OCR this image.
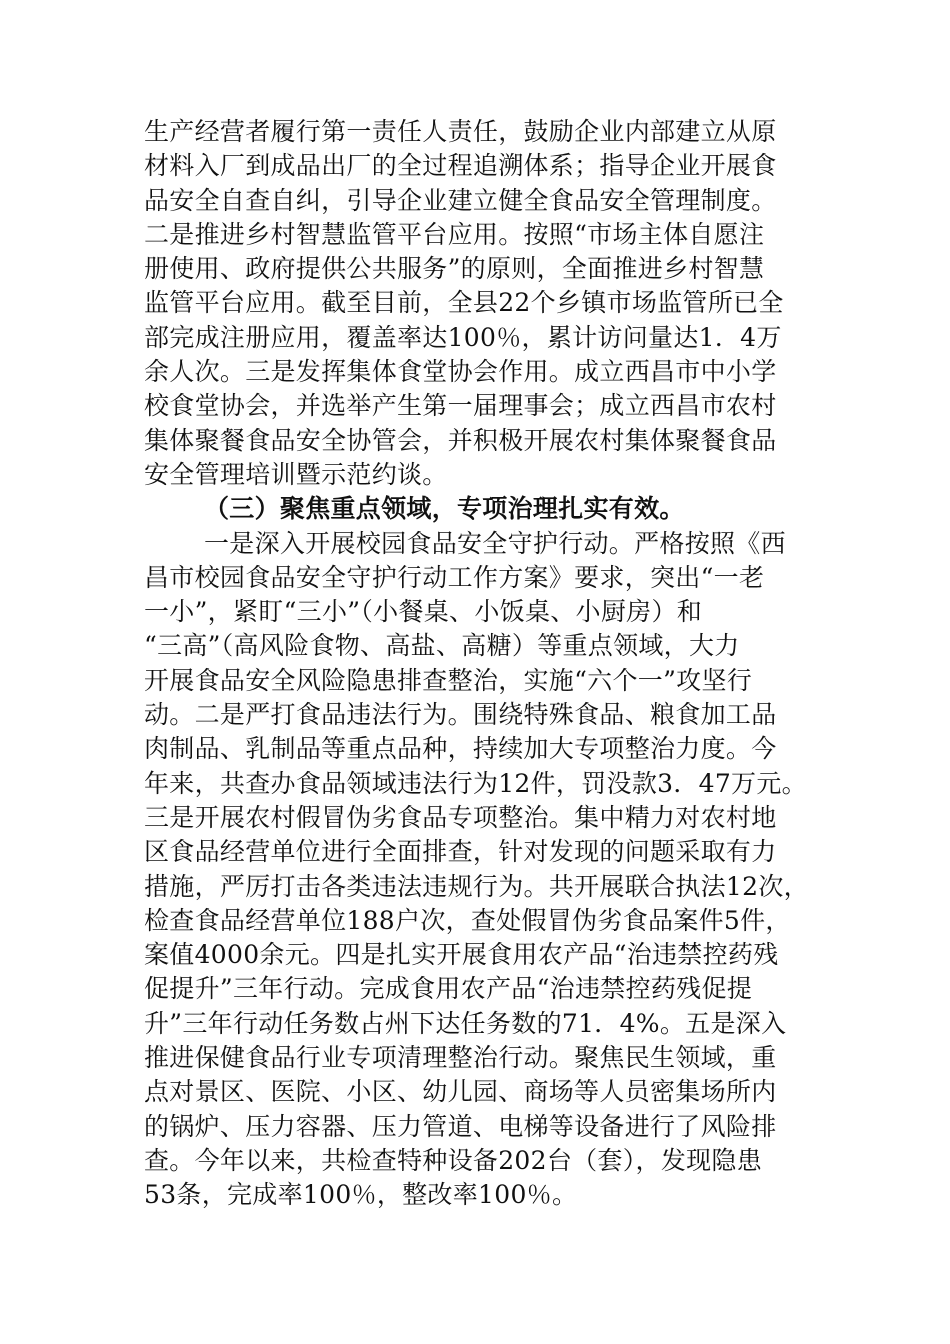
生产经营者履行第一责任人责任，鼓励企业内部建立从原
材料入厂到成品出厂的全过程追溯体系；指导企业开展食
品安全自查自纠，引导企业建立健全食品安全管理制度。
二是推进乡村智慧监管平台应用。按照“市场主体自愿注
册使用、政府提供公共服务”的原则，全面推进乡村智慧
监管平台应用。截至目前，全县22个乡镇市场监管所已全
部完成注册应用，覆盖率达100％，累计访问量达1．4万
余人次。三是发挥集体食堂协会作用。成立西昌市中小学
校食堂协会，并选举产生第一届理事会；成立西昌市农村
集体聚餐食品安全协管会，并积极开展农村集体聚餐食品
安全管理培训暨示范约谈。
（三）聚焦重点领域，专项治理扎实有效。
一是深入开展校园食品安全守护行动。严格按照《西
昌市校园食品安全守护行动工作方案》要求，突出“一老
一小”，紧盯“三小”（小餐桌、小饭桌、小厨房）和
“三高”（高风险食物、高盐、高糖）等重点领域，大力
开展食品安全风险隐患排查整治，实施“六个一”攻坚行
动。二是严打食品违法行为。围绕特殊食品、粮食加工品
肉制品、乳制品等重点品种，持续加大专项整治力度。今
年来，共查办食品领域违法行为12件，罚没款3．47万元。
三是开展农村假冒伪劣食品专项整治。集中精力对农村地
区食品经营单位进行全面排查，针对发现的问题采取有力
措施，严厉打击各类违法违规行为。共开展联合执法12次，
检查食品经营单位188户次，查处假冒伪劣食品案件5件，
案值4000余元。四是扎实开展食用农产品“治违禁控药残
促提升”三年行动。完成食用农产品“治违禁控药残促提
升”三年行动任务数占州下达任务数的71．4%。五是深入
推进保健食品行业专项清理整治行动。聚焦民生领域，重
点对景区、医院、小区、幼儿园、商场等人员密集场所内
的锅炉、压力容器、压力管道、电梯等设备进行了风险排
查。今年以来，共检查特种设备202台（套），发现隐患
53条，完成率100％，整改率100％。
